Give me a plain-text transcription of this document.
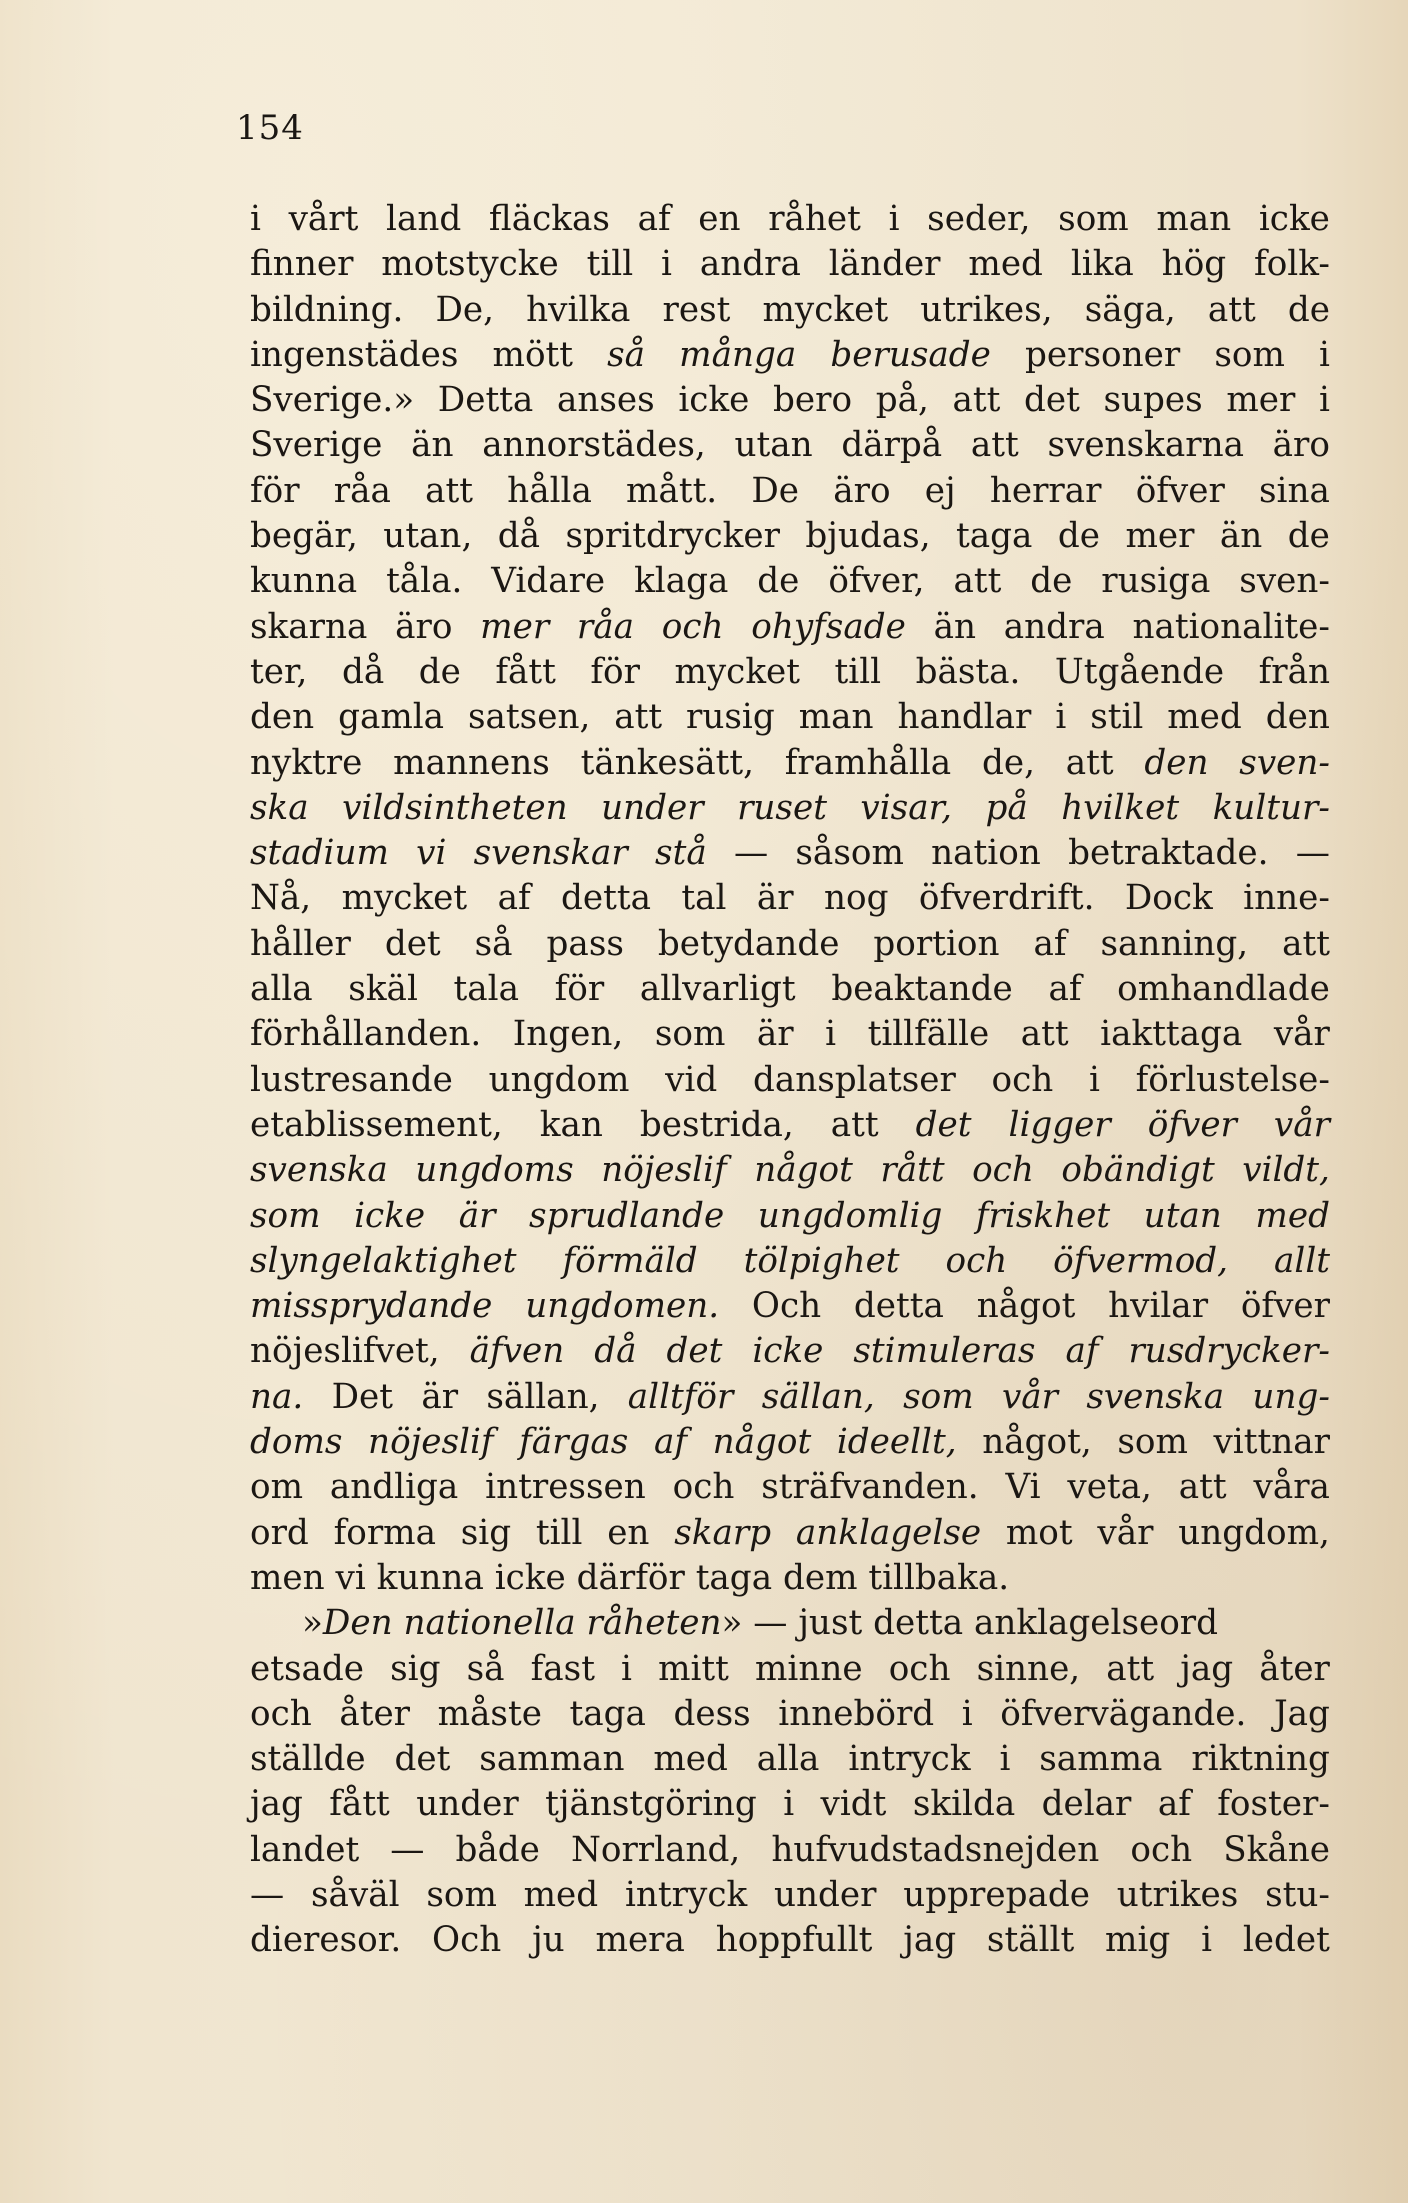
154
i vårt land fläckas af en råhet i seder, som man icke
finner motstycke till i andra länder med lika hög folk-
bildning. De, hvilka rest mycket utrikes, säga, att de
ingenstädes mött så många berusade personer som i
Sverige.» Detta anses icke bero på, att det supes mer i
Sverige än annorstädes, utan därpå att svenskarna äro
för råa att hålla mått. De äro ej herrar öfver sina
begär, utan, då spritdrycker bjudas, taga de mer än de
kunna tåla. Vidare klaga de öfver, att de rusiga sven-
skarna äro mer råa och ohyfsade än andra nationalite-
ter, då de fått för mycket till bästa. Utgående från
den gamla satsen, att rusig man handlar i stil med den
nyktre mannens tänkesätt, framhålla de, att den sven-
ska vildsintheten under ruset visar, på hvilket kultur-
stadium vi svenskar stå — såsom nation betraktade. —
Nå, mycket af detta tal är nog öfverdrift. Dock inne-
håller det så pass betydande portion af sanning, att
alla skäl tala för allvarligt beaktande af omhandlade
förhållanden. Ingen, som är i tillfälle att iakttaga vår
lustresande ungdom vid dansplatser och i förlustelse-
etablissement, kan bestrida, att det ligger öfver vår
svenska ungdoms nöjeslif något rått och obändigt vildt,
som icke är sprudlande ungdomlig friskhet utan med
slyngelaktighet förmäld tölpighet och öfvermod, allt
missprydande ungdomen. Och detta något hvilar öfver
nöjeslifvet, äfven då det icke stimuleras af rusdrycker-
na. Det är sällan, alltför sällan, som vår svenska ung-
doms nöjeslif färgas af något ideellt, något, som vittnar
om andliga intressen och sträfvanden. Vi veta, att våra
ord forma sig till en skarp anklagelse mot vår ungdom,
men vi kunna icke därför taga dem tillbaka.
»Den nationella råheten» — just detta anklagelseord
etsade sig så fast i mitt minne och sinne, att jag åter
och åter måste taga dess innebörd i öfvervägande. Jag
ställde det samman med alla intryck i samma riktning
jag fått under tjänstgöring i vidt skilda delar af foster-
landet — både Norrland, hufvudstadsnejden och Skåne
— såväl som med intryck under upprepade utrikes stu-
dieresor. Och ju mera hoppfullt jag ställt mig i ledet
